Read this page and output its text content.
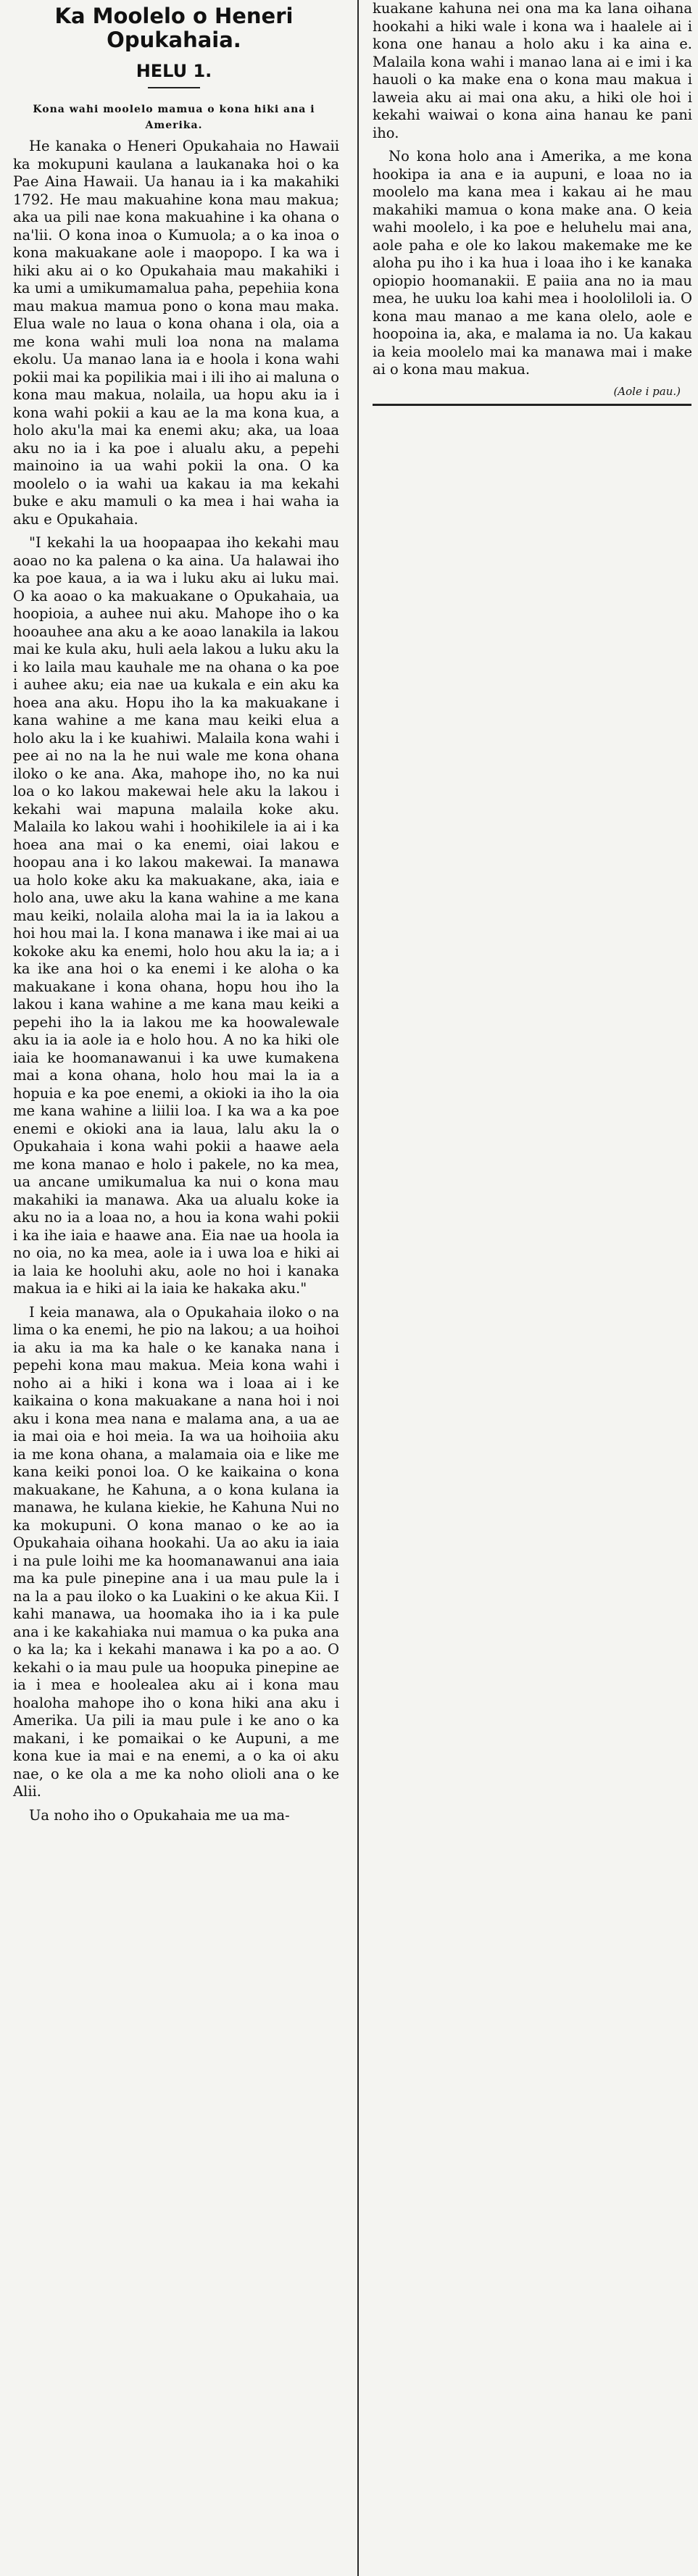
Ka Moolelo o Heneri Opukahaia.
HELU 1.
Kona wahi moolelo mamua o kona hiki ana i Amerika.

He kanaka o Heneri Opukahaia no Hawaii ka mokupuni kaulana a laukanaka hoi o ka Pae Aina Hawaii. Ua hanau ia i ka makahiki 1792. He mau makuahine kona mau makua; aka ua pili nae kona makuahine i ka ohana o na'lii. O kona inoa o Kumuola; a o ka inoa o kona makuakane aole i maopopo. I ka wa i hiki aku ai o ko Opukahaia mau makahiki i ka umi a umikumamalua paha, pepehiia kona mau makua mamua pono o kona mau maka. Elua wale no laua o kona ohana i ola, oia a me kona wahi muli loa nona na malama ekolu. Ua manao lana ia e hoola i kona wahi pokii mai ka popilikia mai i ili iho ai maluna o kona mau makua, nolaila, ua hopu aku ia i kona wahi pokii a kau ae la ma kona kua, a holo aku'la mai ka enemi aku; aka, ua loaa aku no ia i ka poe i alualu aku, a pepehi mainoino ia ua wahi pokii la ona. O ka moolelo o ia wahi ua kakau ia ma kekahi buke e aku mamuli o ka mea i hai waha ia aku e Opukahaia.

"I kekahi la ua hoopaapaa iho kekahi mau aoao no ka palena o ka aina. Ua halawai iho ka poe kaua, a ia wa i luku aku ai luku mai. O ka aoao o ka makuakane o Opukahaia, ua hoopioia, a auhee nui aku. Mahope iho o ka hooauhee ana aku a ke aoao lanakila ia lakou mai ke kula aku, huli aela lakou a luku aku la i ko laila mau kauhale me na ohana o ka poe i auhee aku; eia nae ua kukala e ein aku ka hoea ana aku. Hopu iho la ka makuakane i kana wahine a me kana mau keiki elua a holo aku la i ke kuahiwi. Malaila kona wahi i pee ai no na la he nui wale me kona ohana iloko o ke ana. Aka, mahope iho, no ka nui loa o ko lakou makewai hele aku la lakou i kekahi wai mapuna malaila koke aku. Malaila ko lakou wahi i hoohikilele ia ai i ka hoea ana mai o ka enemi, oiai lakou e hoopau ana i ko lakou makewai. Ia manawa ua holo koke aku ka makuakane, aka, iaia e holo ana, uwe aku la kana wahine a me kana mau keiki, nolaila aloha mai la ia ia lakou a hoi hou mai la. I kona manawa i ike mai ai ua kokoke aku ka enemi, holo hou aku la ia; a i ka ike ana hoi o ka enemi i ke aloha o ka makuakane i kona ohana, hopu hou iho la lakou i kana wahine a me kana mau keiki a pepehi iho la ia lakou me ka hoowalewale aku ia ia aole ia e holo hou. A no ka hiki ole iaia ke hoomanawanui i ka uwe kumakena mai a kona ohana, holo hou mai la ia a hopuia e ka poe enemi, a okioki ia iho la oia me kana wahine a liilii loa. I ka wa a ka poe enemi e okioki ana ia laua, lalu aku la o Opukahaia i kona wahi pokii a haawe aela me kona manao e holo i pakele, no ka mea, ua ancane umikumalua ka nui o kona mau makahiki ia manawa. Aka ua alualu koke ia aku no ia a loaa no, a hou ia kona wahi pokii i ka ihe iaia e haawe ana. Eia nae ua hoola ia no oia, no ka mea, aole ia i uwa loa e hiki ai ia laia ke hooluhi aku, aole no hoi i kanaka makua ia e hiki ai la iaia ke hakaka aku."

I keia manawa, ala o Opukahaia iloko o na lima o ka enemi, he pio na lakou; a ua hoihoi ia aku ia ma ka hale o ke kanaka nana i pepehi kona mau makua. Meia kona wahi i noho ai a hiki i kona wa i loaa ai i ke kaikaina o kona makuakane a nana hoi i noi aku i kona mea nana e malama ana, a ua ae ia mai oia e hoi meia. Ia wa ua hoihoiia aku ia me kona ohana, a malamaia oia e like me kana keiki ponoi loa. O ke kaikaina o kona makuakane, he Kahuna, a o kona kulana ia manawa, he kulana kiekie, he Kahuna Nui no ka mokupuni. O kona manao o ke ao ia Opukahaia oihana hookahi. Ua ao aku ia iaia i na pule loihi me ka hoomanawanui ana iaia ma ka pule pinepine ana i ua mau pule la i na la a pau iloko o ka Luakini o ke akua Kii. I kahi manawa, ua hoomaka iho ia i ka pule ana i ke kakahiaka nui mamua o ka puka ana o ka la; ka i kekahi manawa i ka po a ao. O kekahi o ia mau pule ua hoopuka pinepine ae ia i mea e hoolealea aku ai i kona mau hoaloha mahope iho o kona hiki ana aku i Amerika. Ua pili ia mau pule i ke ano o ka makani, i ke pomaikai o ke Aupuni, a me kona kue ia mai e na enemi, a o ka oi aku nae, o ke ola a me ka noho olioli ana o ke Alii.

Ua noho iho o Opukahaia me ua ma-

kuakane kahuna nei ona ma ka lana oihana hookahi a hiki wale i kona wa i haalele ai i kona one hanau a holo aku i ka aina e. Malaila kona wahi i manao lana ai e imi i ka hauoli o ka make ena o kona mau makua i laweia aku ai mai ona aku, a hiki ole hoi i kekahi waiwai o kona aina hanau ke pani iho.

No kona holo ana i Amerika, a me kona hookipa ia ana e ia aupuni, e loaa no ia moolelo ma kana mea i kakau ai he mau makahiki mamua o kona make ana. O keia wahi moolelo, i ka poe e heluhelu mai ana, aole paha e ole ko lakou makemake me ke aloha pu iho i ka hua i loaa iho i ke kanaka opiopio hoomanakii. E paiia ana no ia mau mea, he uuku loa kahi mea i hoololiloli ia. O kona mau manao a me kana olelo, aole e hoopoina ia, aka, e malama ia no. Ua kakau ia keia moolelo mai ka manawa mai i make ai o kona mau makua.

(Aole i pau.)
